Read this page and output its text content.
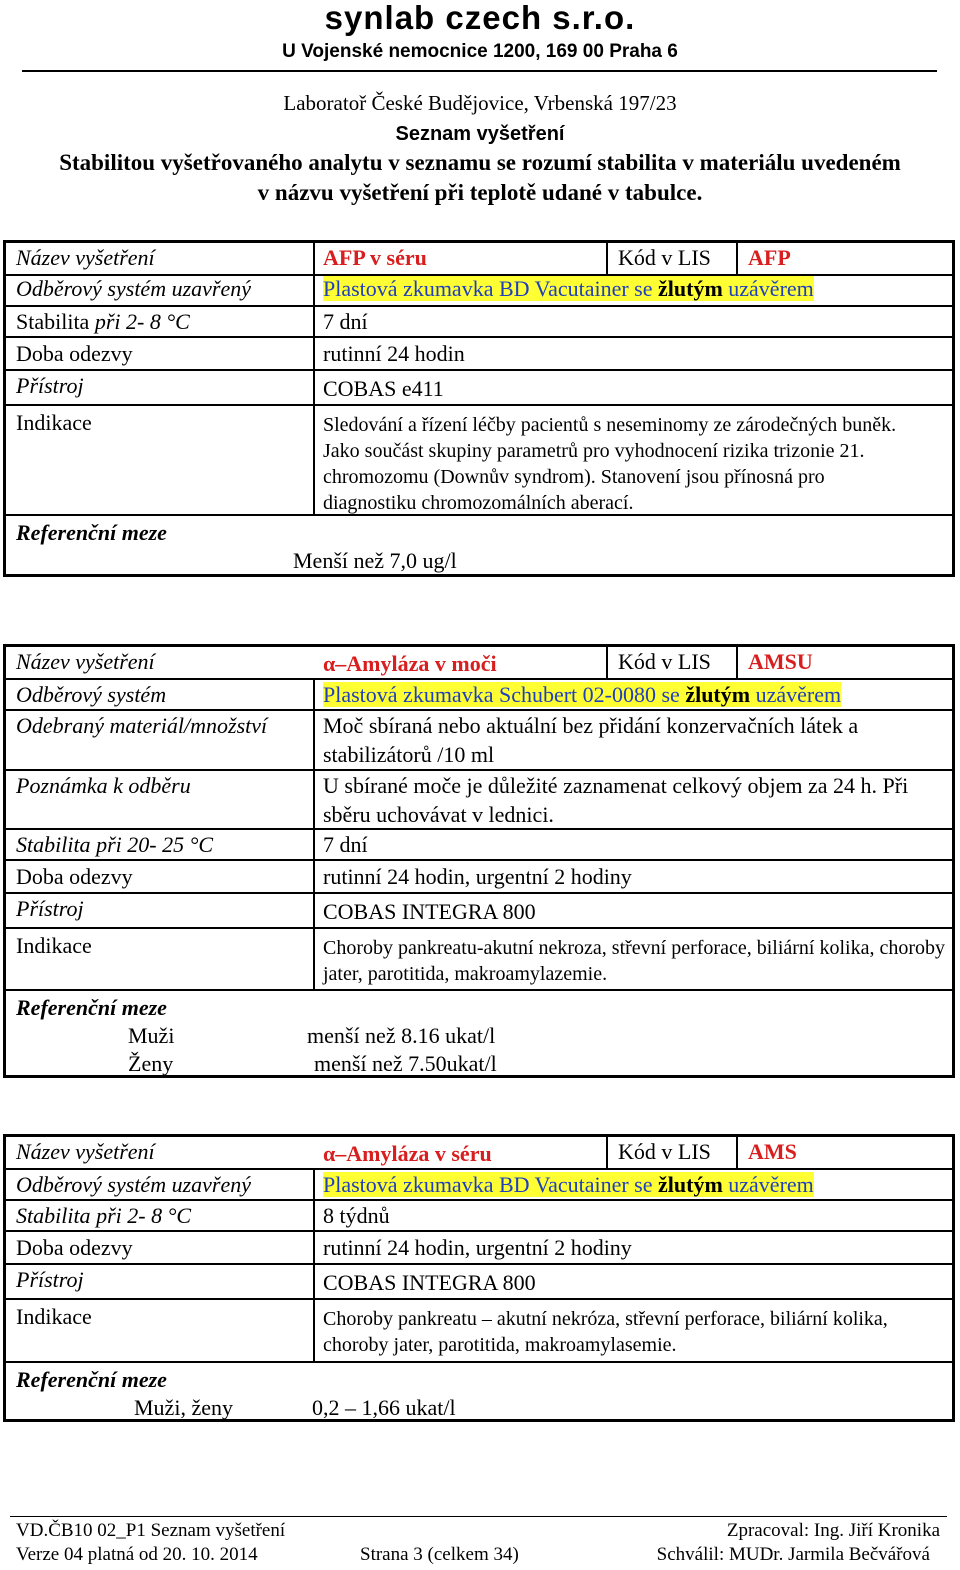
synlab czech s.r.o.
U Vojenské nemocnice 1200, 169 00 Praha 6
Laboratoř České Budějovice, Vrbenská 197/23
Seznam vyšetření
Stabilitou vyšetřovaného analytu v seznamu se rozumí stabilita v materiálu uvedeném
v názvu vyšetření při teplotě udané v tabulce.
Název vyšetření	AFP v séru	Kód v LIS AFP
Odběrový systém uzavřený	Plastová zkumavka BD Vacutainer se žlutým uzávěrem
Stabilita při 2- 8 °C	7 dní
Doba odezvy	rutinní 24 hodin
Přístroj	COBAS e411
Indikace	Sledování a řízení léčby pacientů s neseminomy ze zárodečných buněk. Jako součást skupiny parametrů pro vyhodnocení rizika trizonie 21. chromozomu (Downův syndrom). Stanovení jsou přínosná pro diagnostiku chromozomálních aberací.
Referenční meze
Menší než 7,0 ug/l
Název vyšetření	α–Amyláza v moči	Kód v LIS AMSU
Odběrový systém	Plastová zkumavka Schubert 02-0080 se žlutým uzávěrem
Odebraný materiál/množství	Moč sbíraná nebo aktuální bez přidání konzervačních látek a stabilizátorů /10 ml
Poznámka k odběru	U sbírané moče je důležité zaznamenat celkový objem za 24 h. Při sběru uchovávat v lednici.
Stabilita při 20- 25 °C	7 dní
Doba odezvy	rutinní 24 hodin, urgentní 2 hodiny
Přístroj	COBAS INTEGRA 800
Indikace	Choroby pankreatu-akutní nekroza, střevní perforace, biliární kolika, choroby jater, parotitida, makroamylazemie.
Referenční meze
Muži	menší než 8.16 ukat/l
Ženy	menší než 7.50ukat/l
Název vyšetření	α–Amyláza v séru	Kód v LIS AMS
Odběrový systém uzavřený	Plastová zkumavka BD Vacutainer se žlutým uzávěrem
Stabilita při 2- 8 °C	8 týdnů
Doba odezvy	rutinní 24 hodin, urgentní 2 hodiny
Přístroj	COBAS INTEGRA 800
Indikace	Choroby pankreatu – akutní nekróza, střevní perforace, biliární kolika, choroby jater, parotitida, makroamylasemie.
Referenční meze
Muži, ženy	0,2 – 1,66 ukat/l
VD.ČB10 02_P1 Seznam vyšetření
Verze 04 platná od 20. 10. 2014	Strana 3 (celkem 34)
Zpracoval: Ing. Jiří Kronika
Schválil: MUDr. Jarmila Bečvářová
